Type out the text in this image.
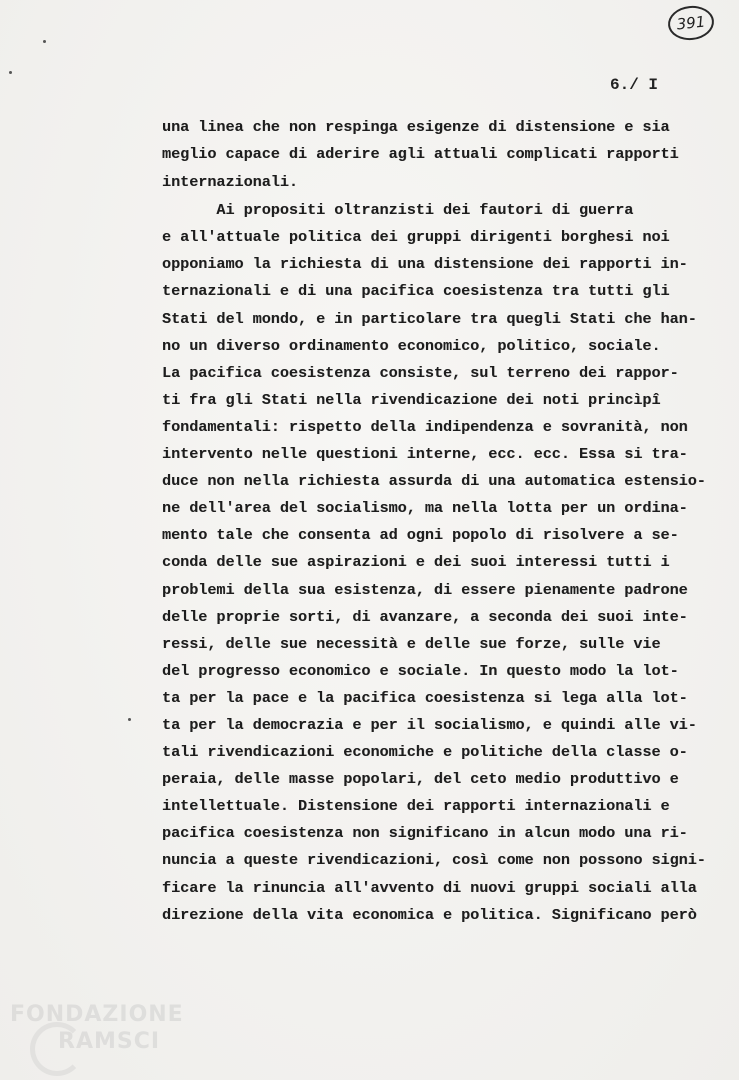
391
6./ I
una linea che non respinga esigenze di distensione e sia
meglio capace di aderire agli attuali complicati rapporti
internazionali.
Ai propositi oltranzisti dei fautori di guerra
e all'attuale politica dei gruppi dirigenti borghesi noi
opponiamo la richiesta di una distensione dei rapporti in-
ternazionali e di una pacifica coesistenza tra tutti gli
Stati del mondo, e in particolare tra quegli Stati che han-
no un diverso ordinamento economico, politico, sociale.
La pacifica coesistenza consiste, sul terreno dei rappor-
ti fra gli Stati nella rivendicazione dei noti princìpî
fondamentali: rispetto della indipendenza e sovranità, non
intervento nelle questioni interne, ecc. ecc. Essa si tra-
duce non nella richiesta assurda di una automatica estensio-
ne dell'area del socialismo, ma nella lotta per un ordina-
mento tale che consenta ad ogni popolo di risolvere a se-
conda delle sue aspirazioni e dei suoi interessi tutti i
problemi della sua esistenza, di essere pienamente padrone
delle proprie sorti, di avanzare, a seconda dei suoi inte-
ressi, delle sue necessità e delle sue forze, sulle vie
del progresso economico e sociale. In questo modo la lot-
ta per la pace e la pacifica coesistenza si lega alla lot-
ta per la democrazia e per il socialismo, e quindi alle vi-
tali rivendicazioni economiche e politiche della classe o-
peraia, delle masse popolari, del ceto medio produttivo e
intellettuale. Distensione dei rapporti internazionali e
pacifica coesistenza non significano in alcun modo una ri-
nuncia a queste rivendicazioni, così come non possono signi-
ficare la rinuncia all'avvento di nuovi gruppi sociali alla
direzione della vita economica e politica. Significano però
FONDAZIONE
RAMSCI
